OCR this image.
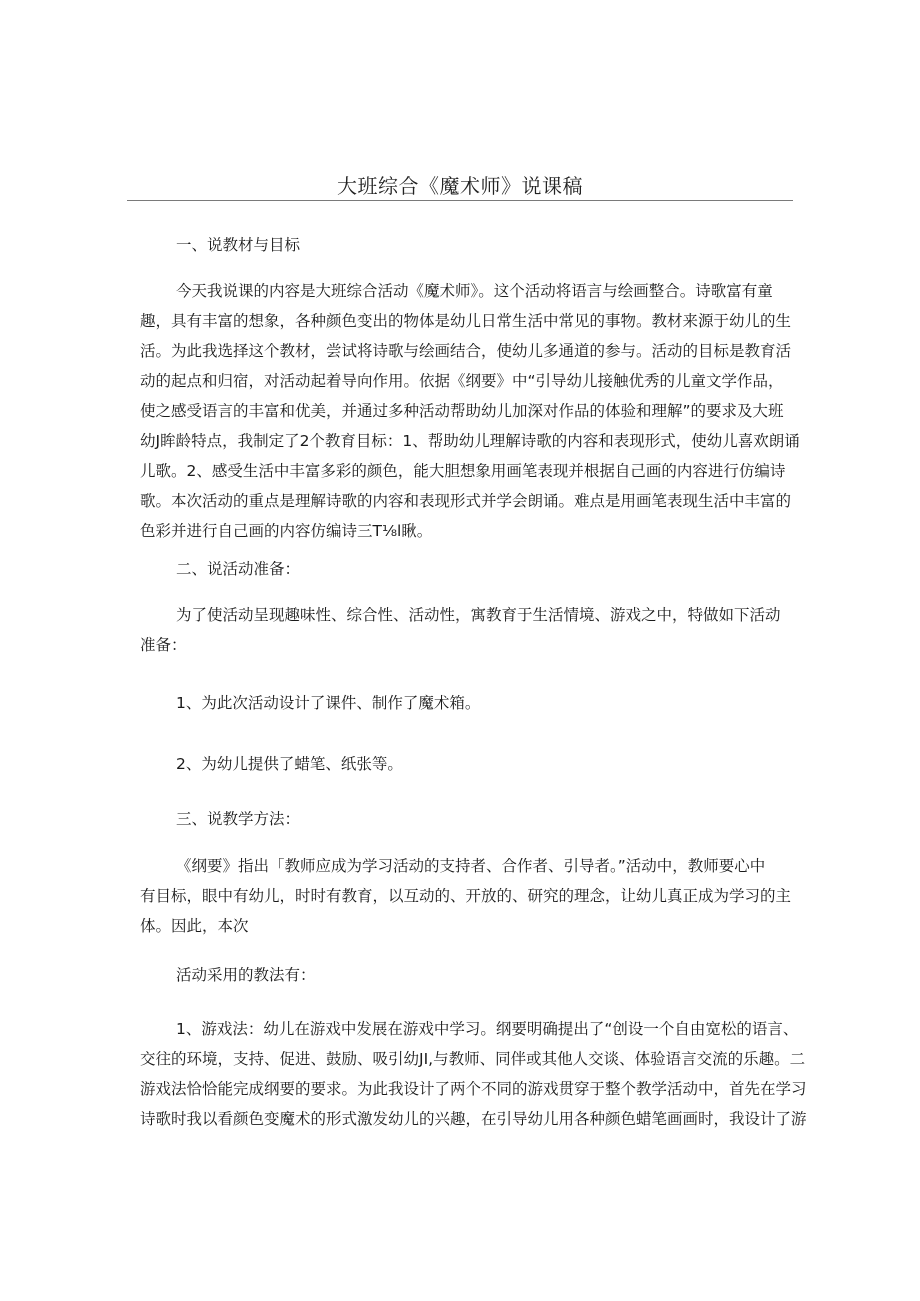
大班综合《魔术师》说课稿
一、说教材与目标
今天我说课的内容是大班综合活动《魔术师》。这个活动将语言与绘画整合。诗歌富有童
趣，具有丰富的想象，各种颜色变出的物体是幼儿日常生活中常见的事物。教材来源于幼儿的生
活。为此我选择这个教材，尝试将诗歌与绘画结合，使幼儿多通道的参与。活动的目标是教育活
动的起点和归宿，对活动起着导向作用。依据《纲要》中“引导幼儿接触优秀的儿童文学作品，
使之感受语言的丰富和优美，并通过多种活动帮助幼儿加深对作品的体验和理解”的要求及大班
幼J眸龄特点，我制定了2个教育目标：1、帮助幼儿理解诗歌的内容和表现形式，使幼儿喜欢朗诵
儿歌。2、感受生活中丰富多彩的颜色，能大胆想象用画笔表现并根据自己画的内容进行仿编诗
歌。本次活动的重点是理解诗歌的内容和表现形式并学会朗诵。难点是用画笔表现生活中丰富的
色彩并进行自己画的内容仿编诗三T⅛l瞅。
二、说活动准备：
为了使活动呈现趣味性、综合性、活动性，寓教育于生活情境、游戏之中，特做如下活动
准备：
1、为此次活动设计了课件、制作了魔术箱。
2、为幼儿提供了蜡笔、纸张等。
三、说教学方法：
《纲要》指出「教师应成为学习活动的支持者、合作者、引导者。”活动中，教师要心中
有目标，眼中有幼儿，时时有教育，以互动的、开放的、研究的理念，让幼儿真正成为学习的主
体。因此，本次
活动采用的教法有：
1、游戏法：幼儿在游戏中发展在游戏中学习。纲要明确提出了“创设一个自由宽松的语言、
交往的环境，支持、促进、鼓励、吸引幼JI,与教师、同伴或其他人交谈、体验语言交流的乐趣。二
游戏法恰恰能完成纲要的要求。为此我设计了两个不同的游戏贯穿于整个教学活动中，首先在学习
诗歌时我以看颜色变魔术的形式激发幼儿的兴趣，在引导幼儿用各种颜色蜡笔画画时，我设计了游
